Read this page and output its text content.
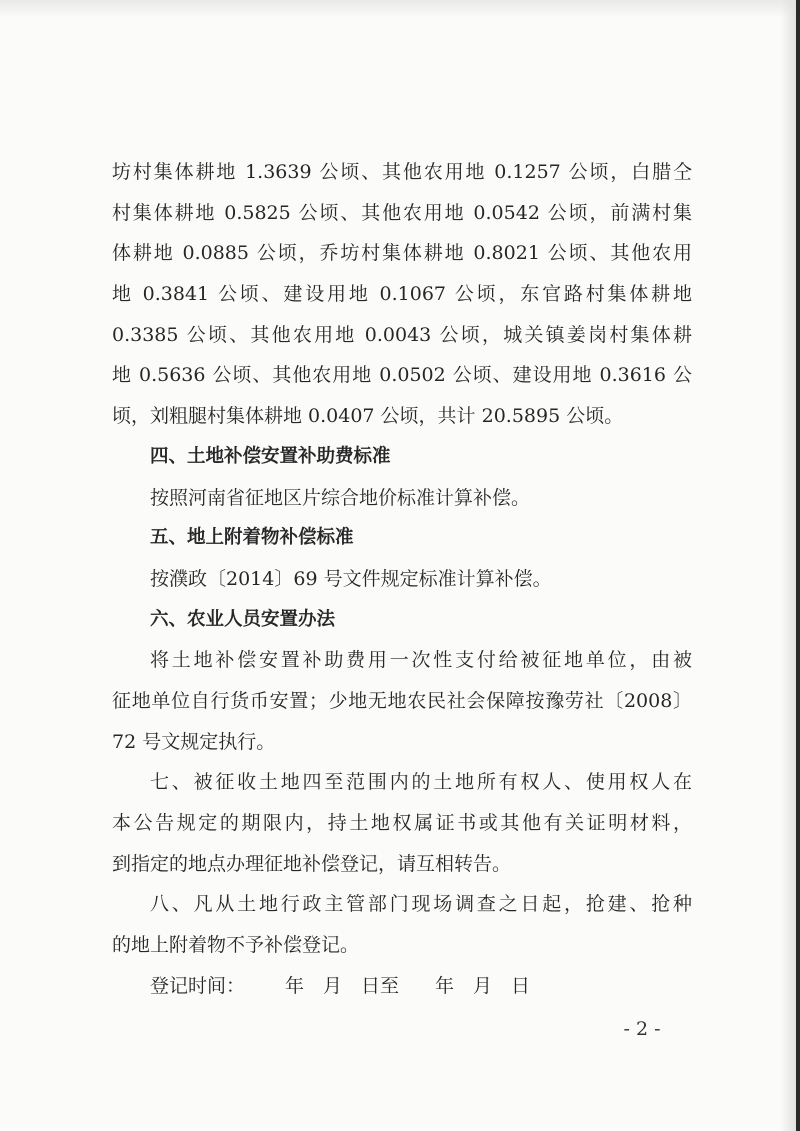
坊村集体耕地 1.3639 公顷、其他农用地 0.1257 公顷，白腊仝
村集体耕地 0.5825 公顷、其他农用地 0.0542 公顷，前满村集
体耕地 0.0885 公顷，乔坊村集体耕地 0.8021 公顷、其他农用
地 0.3841 公顷、建设用地 0.1067 公顷，东官路村集体耕地
0.3385 公顷、其他农用地 0.0043 公顷，城关镇姜岗村集体耕
地 0.5636 公顷、其他农用地 0.0502 公顷、建设用地 0.3616 公
顷，刘粗腿村集体耕地 0.0407 公顷，共计 20.5895 公顷。
四、土地补偿安置补助费标准
按照河南省征地区片综合地价标准计算补偿。
五、地上附着物补偿标准
按濮政〔2014〕69 号文件规定标准计算补偿。
六、农业人员安置办法
将土地补偿安置补助费用一次性支付给被征地单位，由被
征地单位自行货币安置；少地无地农民社会保障按豫劳社〔2008〕
72 号文规定执行。
七、被征收土地四至范围内的土地所有权人、使用权人在
本公告规定的期限内，持土地权属证书或其他有关证明材料，
到指定的地点办理征地补偿登记，请互相转告。
八、凡从土地行政主管部门现场调查之日起，抢建、抢种
的地上附着物不予补偿登记。
登记时间： 年　月　日至 年　月　日
- 2 -
